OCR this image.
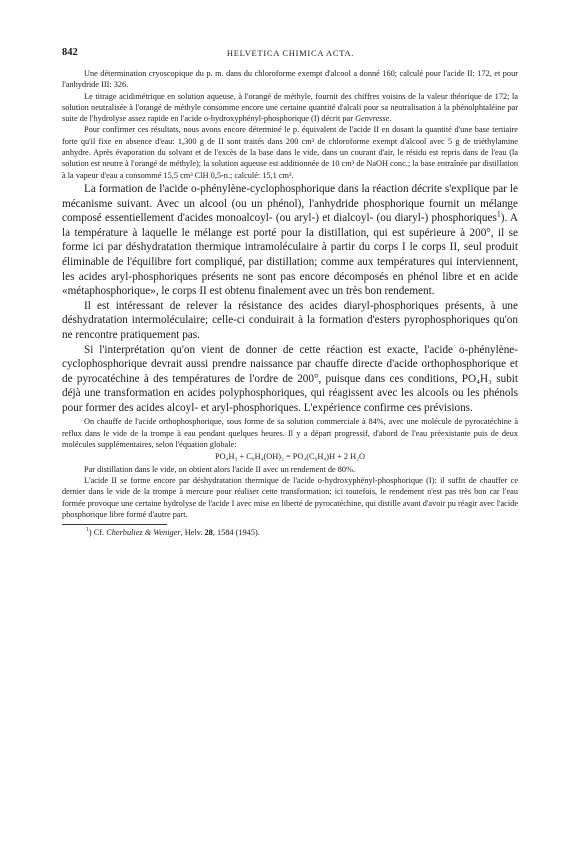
842	HELVETICA CHIMICA ACTA.

Une détermination cryoscopique du p. m. dans du chloroforme exempt d'alcool a donné 160; calculé pour l'acide II: 172, et pour l'anhydride III: 326.

Le titrage acidimétrique en solution aqueuse, à l'orangé de méthyle, fournit des chiffres voisins de la valeur théorique de 172; la solution neutralisée à l'orangé de méthyle consomme encore une certaine quantité d'alcali pour sa neutralisation à la phénolphtaléine par suite de l'hydrolyse assez rapide en l'acide o-hydroxyphényl-phosphorique (I) décrit par Genvresse.

Pour confirmer ces résultats, nous avons encore déterminé le p. équivalent de l'acide II en dosant la quantité d'une base tertiaire forte qu'il fixe en absence d'eau: 1,300 g de II sont traités dans 200 cm³ de chloroforme exempt d'alcool avec 5 g de triéthylamine anhydre. Après évaporation du solvant et de l'excès de la base dans le vide, dans un courant d'air, le résidu est repris dans de l'eau (la solution est neutre à l'orangé de méthyle); la solution aqueuse est additionnée de 10 cm³ de NaOH conc.; la base entraînée par distillation à la vapeur d'eau a consommé 15,5 cm³ ClH 0,5-n.; calculé: 15,1 cm³.

La formation de l'acide o-phénylène-cyclophosphorique dans la réaction décrite s'explique par le mécanisme suivant. Avec un alcool (ou un phénol), l'anhydride phosphorique fournit un mélange composé essentiellement d'acides monoalcoyl- (ou aryl-) et dialcoyl- (ou diaryl-) phosphoriques$^1$). A la température à laquelle le mélange est porté pour la distillation, qui est supérieure à 200°, il se forme ici par déshydratation thermique intramoléculaire à partir du corps I le corps II, seul produit éliminable de l'équilibre fort compliqué, par distillation; comme aux températures qui interviennent, les acides aryl-phosphoriques présents ne sont pas encore décomposés en phénol libre et en acide «métaphosphorique», le corps II est obtenu finalement avec un très bon rendement.

Il est intéressant de relever la résistance des acides diaryl-phosphoriques présents, à une déshydratation intermoléculaire; celle-ci conduirait à la formation d'esters pyrophosphoriques qu'on ne rencontre pratiquement pas.

Si l'interprétation qu'on vient de donner de cette réaction est exacte, l'acide o-phénylène-cyclophosphorique devrait aussi prendre naissance par chauffe directe d'acide orthophosphorique et de pyrocatéchine à des températures de l'ordre de 200°, puisque dans ces conditions, PO₄H₃ subit déjà une transformation en acides polyphosphoriques, qui réagissent avec les alcools ou les phénols pour former des acides alcoyl- et aryl-phosphoriques. L'expérience confirme ces prévisions.

On chauffe de l'acide orthophosphorique, sous forme de sa solution commerciale à 84%, avec une molécule de pyrocatéchine à reflux dans le vide de la trompe à eau pendant quelques heures. Il y a départ progressif, d'abord de l'eau préexistante puis de deux molécules supplémentaires, selon l'équation globale:

PO₄H₃ + C₆H₄(OH)₂ = PO₄(C₆H₄)H + 2 H₂O

Par distillation dans le vide, on obtient alors l'acide II avec un rendement de 80%.

L'acide II se forme encore par déshydratation thermique de l'acide o-hydroxyphényl-phosphorique (I): il suffit de chauffer ce dernier dans le vide de la trompe à mercure pour réaliser cette transformation; ici toutefois, le rendement n'est pas très bon car l'eau formée provoque une certaine hydrolyse de l'acide I avec mise en liberté de pyrocatéchine, qui distille avant d'avoir pu réagir avec l'acide phosphorique libre formé d'autre part.

$^1$) Cf. Cherbuliez & Weniger, Helv. 28, 1584 (1945).
